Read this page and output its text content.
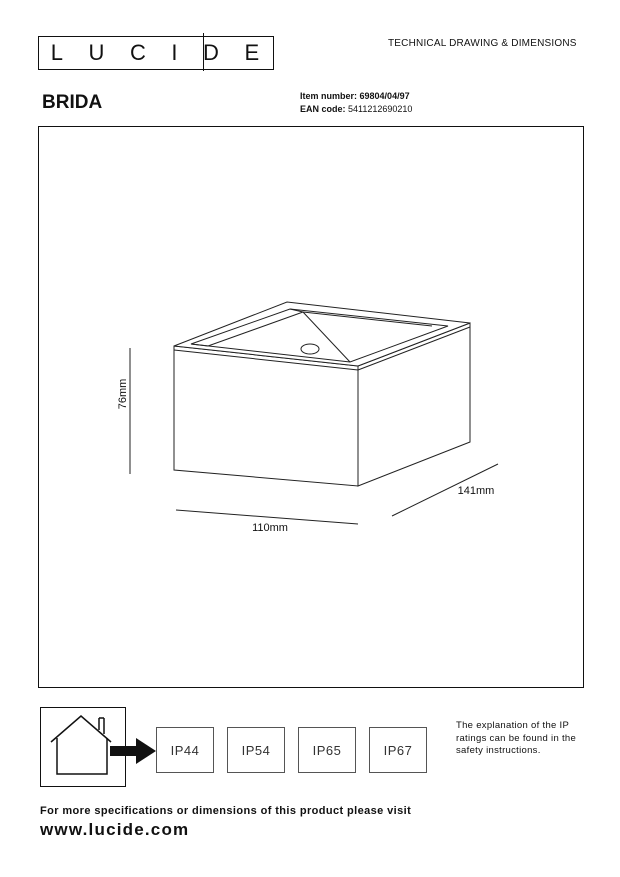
L U C I D E	TECHNICAL DRAWING & DIMENSIONS
BRIDA	Item number: 69804/04/97
EAN code: 5411212690210
76mm
110mm
141mm
IP44	IP54	IP65	IP67
The explanation of the IP ratings can be found in the safety instructions.
For more specifications or dimensions of this product please visit
www.lucide.com
